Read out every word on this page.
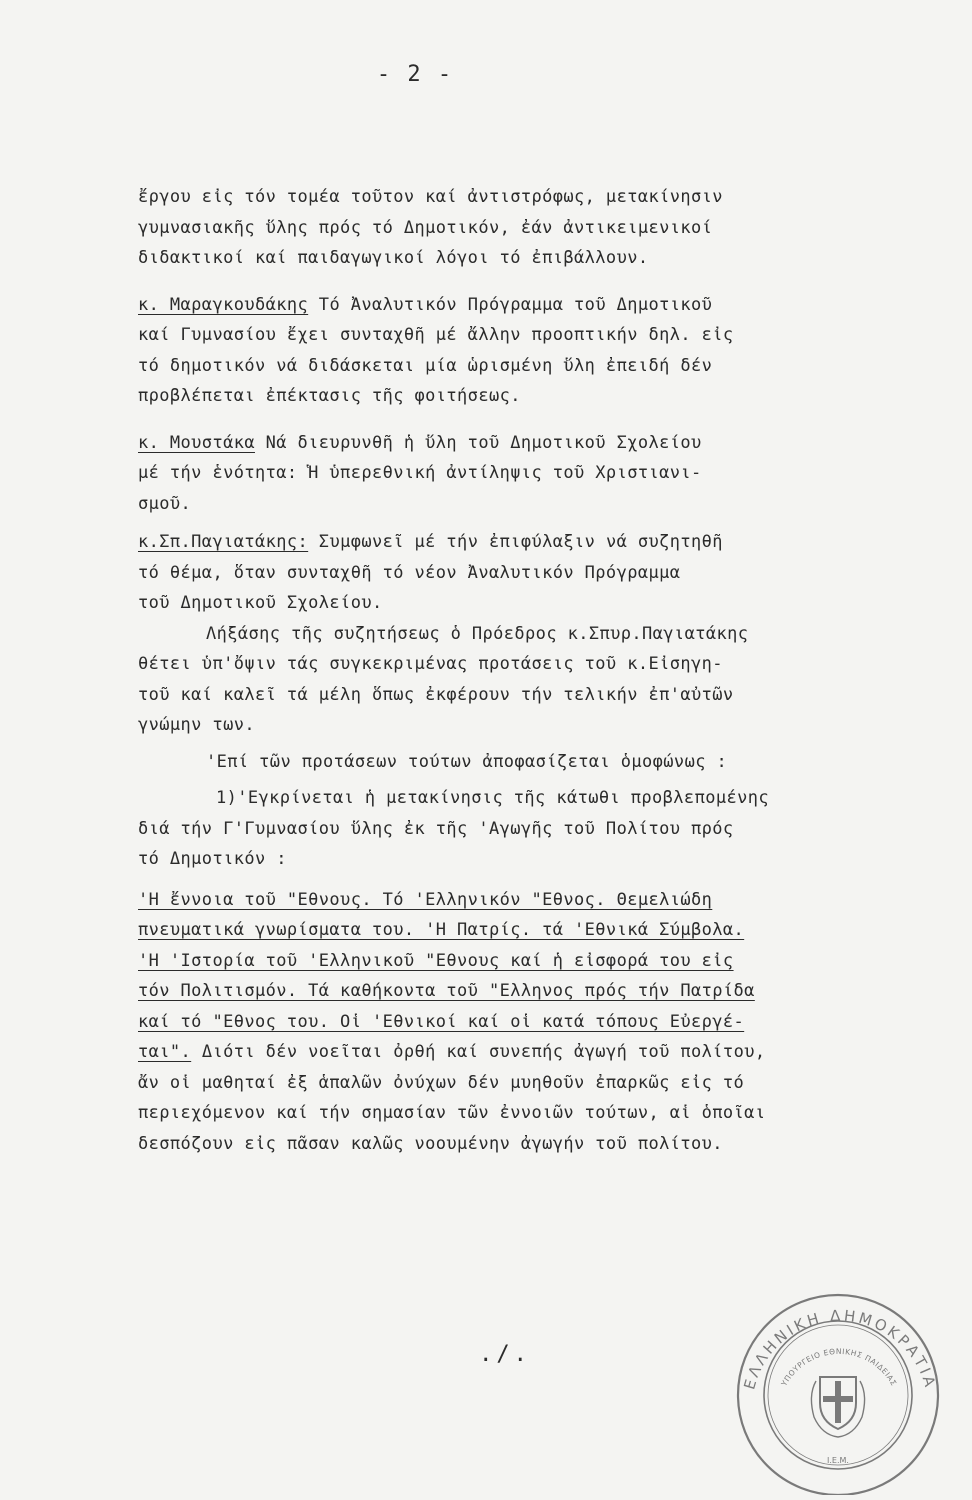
- 2 -

ἔργου εἰς τόν τομέα τοῦτον καί ἀντιστρόφως, μετακίνησιν

γυμνασιακῆς ὕλης πρός τό Δημοτικόν, ἐάν ἀντικειμενικοί

διδακτικοί καί παιδαγωγικοί λόγοι τό ἐπιβάλλουν.

κ. Μαραγκουδάκης Τό Ἀναλυτικόν Πρόγραμμα τοῦ Δημοτικοῦ

καί Γυμνασίου ἔχει συνταχθῆ μέ ἄλλην προοπτικήν δηλ. εἰς

τό δημοτικόν νά διδάσκεται μία ὡρισμένη ὕλη ἐπειδή δέν

προβλέπεται ἐπέκτασις τῆς φοιτήσεως.

κ. Μουστάκα Νά διευρυνθῆ ἡ ὕλη τοῦ Δημοτικοῦ Σχολείου

μέ τήν ἑνότητα: Ἡ ὑπερεθνική ἀντίληψις τοῦ Χριστιανι-

σμοῦ.

κ.Σπ.Παγιατάκης: Συμφωνεῖ μέ τήν ἐπιφύλαξιν νά συζητηθῆ

τό θέμα, ὅταν συνταχθῆ τό νέον Ἀναλυτικόν Πρόγραμμα

τοῦ Δημοτικοῦ Σχολείου.

Λήξάσης τῆς συζητήσεως ὁ Πρόεδρος κ.Σπυρ.Παγιατάκης

θέτει ὑπ'ὄψιν τάς συγκεκριμένας προτάσεις τοῦ κ.Εἰσηγη-

τοῦ καί καλεῖ τά μέλη ὅπως ἐκφέρουν τήν τελικήν ἐπ'αὐτῶν

γνώμην των.

'Επί τῶν προτάσεων τούτων ἀποφασίζεται ὁμοφώνως :

1)'Εγκρίνεται ἡ μετακίνησις τῆς κάτωθι προβλεπομένης

διά τήν Γ'Γυμνασίου ὕλης ἐκ τῆς 'Αγωγῆς τοῦ Πολίτου πρός

τό Δημοτικόν :

'Η ἔννοια τοῦ "Εθνους. Τό 'Ελληνικόν "Εθνος. Θεμελιώδη

πνευματικά γνωρίσματα του. 'Η Πατρίς. τά 'Εθνικά Σύμβολα.

'Η 'Ιστορία τοῦ 'Ελληνικοῦ "Εθνους καί ἡ εἰσφορά του εἰς

τόν Πολιτισμόν. Τά καθήκοντα τοῦ "Ελληνος πρός τήν Πατρίδα

καί τό "Εθνος του. Οἱ 'Εθνικοί καί οἱ κατά τόπους Εὐεργέ-

ται". Διότι δέν νοεῖται ὀρθή καί συνεπής ἀγωγή τοῦ πολίτου,

ἄν οἱ μαθηταί ἐξ ἁπαλῶν ὀνύχων δέν μυηθοῦν ἐπαρκῶς εἰς τό

περιεχόμενον καί τήν σημασίαν τῶν ἐννοιῶν τούτων, αἱ ὁποῖαι

δεσπόζουν εἰς πᾶσαν καλῶς νοουμένην ἀγωγήν τοῦ πολίτου.

./.
ΕΛΛΗΝΙΚΗ ΔΗΜΟΚΡΑΤΙΑ
ΥΠΟΥΡΓΕΙΟ ΕΘΝΙΚΗΣ ΠΑΙΔΕΙΑΣ
Ι.Ε.Μ.
